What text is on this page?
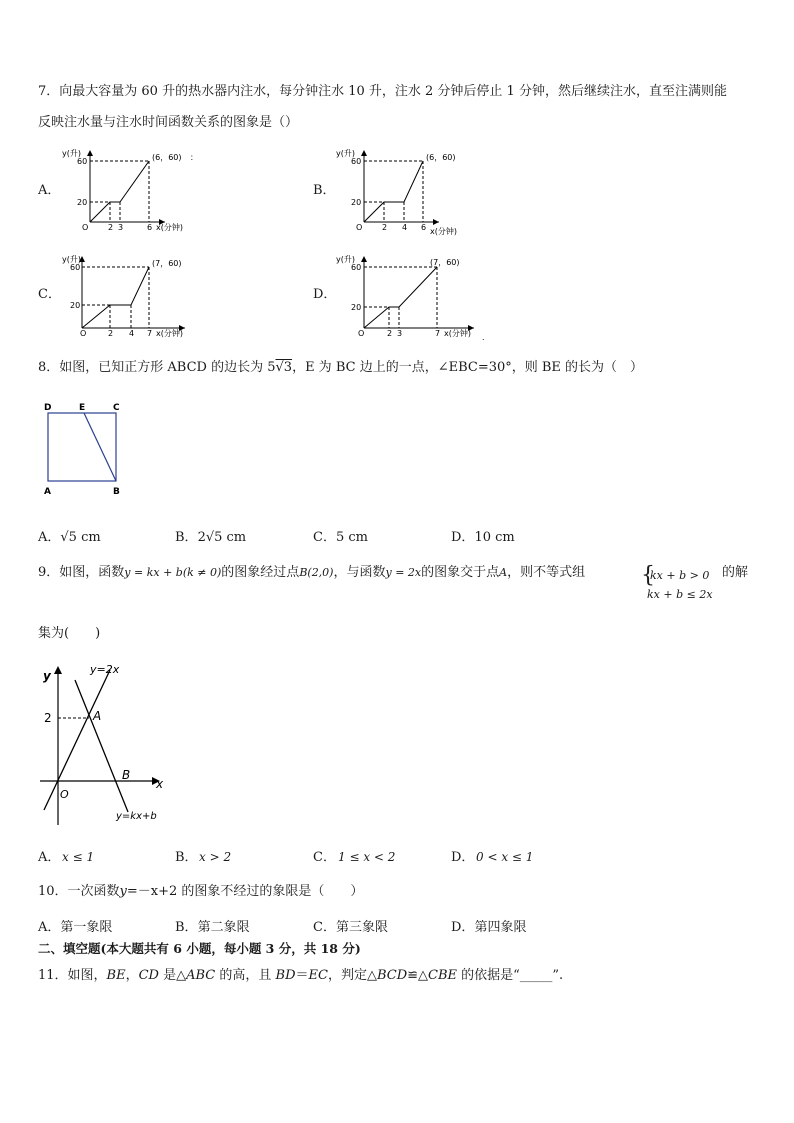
7．向最大容量为 60 升的热水器内注水，每分钟注水 10 升，注水 2 分钟后停止 1 分钟，然后继续注水，直至注满则能
反映注水量与注水时间函数关系的图象是（）
A．
y(升)
60
20
O 2 3	6 x(分钟)
(6，60) ：
B．
y(升)
60
20
O 2 4 6 x(分钟)
(6，60)
C．
y(升)
60
20
O	2 4 7 x(分钟)
(7，60)
D．
y(升)
60
20
O	2 3	7 x(分钟)
(7，60)
.
8．如图，已知正方形 ABCD 的边长为 5√3，E 为 BC 边上的一点，∠EBC=30°，则 BE 的长为（　）
D	E	C
A	B
A．√5 cm	B．2√5 cm	C．5 cm	D．10 cm
9．如图，函数y = kx + b(k ≠ 0)的图象经过点B(2,0)，与函数y = 2x的图象交于点A，则不等式组	{
kx + b > 0
kx + b ≤ 2x
的解
集为(　　)
y
x
O
2	A
B
y=2x
y=kx+b
A． x ≤ 1	B． x > 2	C． 1 ≤ x < 2	D． 0 < x ≤ 1
10．一次函数y=－x+2 的图象不经过的象限是（　　）
A．第一象限	B．第二象限	C．第三象限	D．第四象限
二、填空题(本大题共有 6 小题，每小题 3 分，共 18 分)
11．如图，BE，CD 是△ABC 的高，且 BD＝EC，判定△BCD≌△CBE 的依据是“_____”.
